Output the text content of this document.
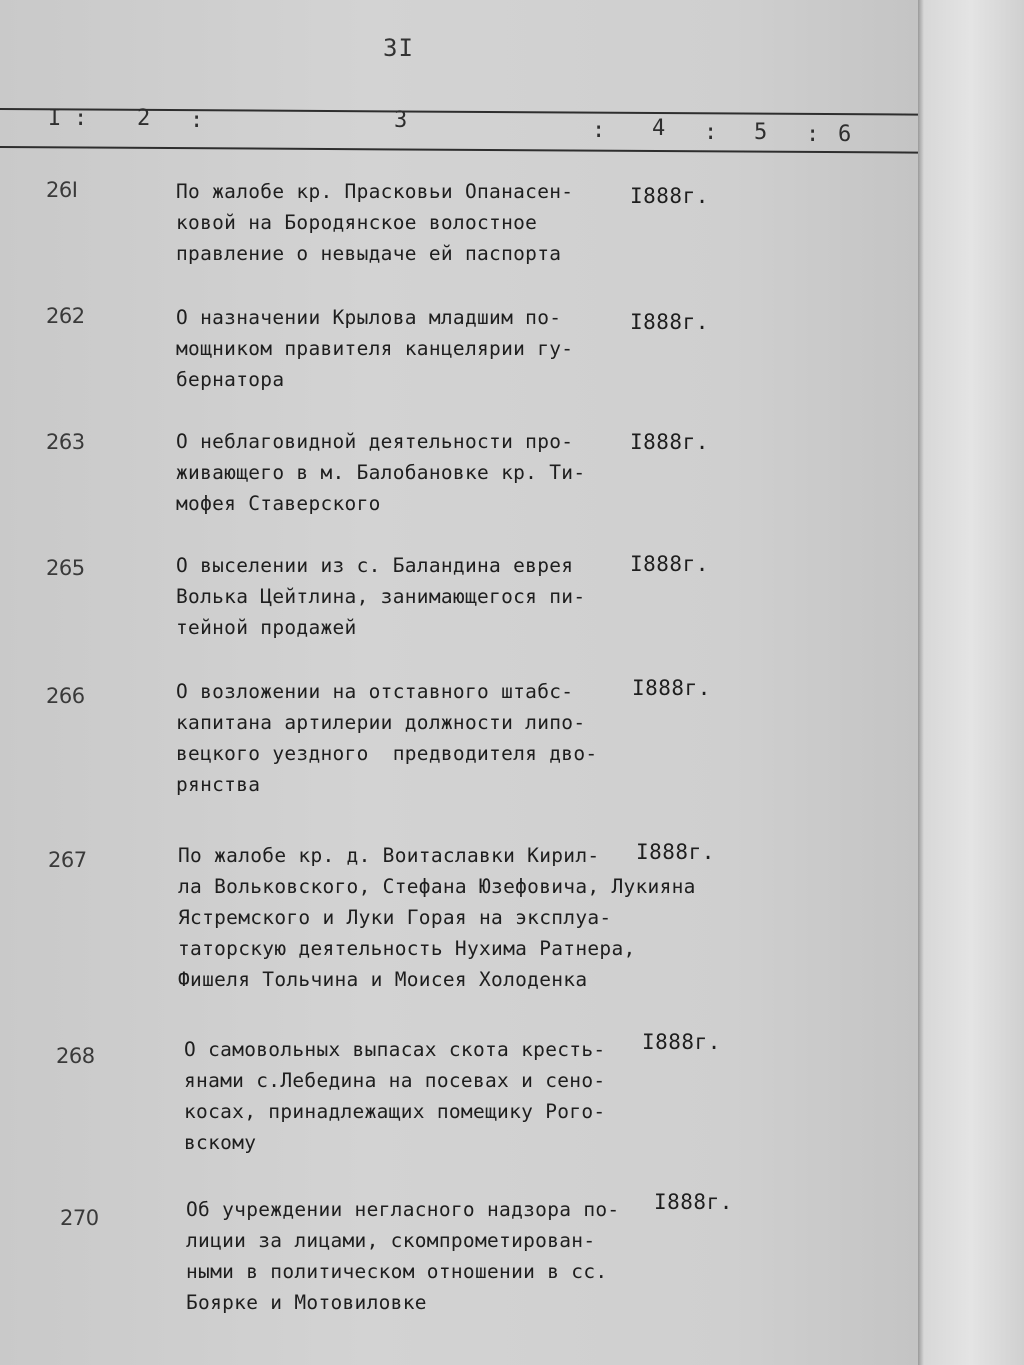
3I
I : 2 :	3	: 4 : 5 : 6
26I	По жалобе кр. Прасковьи Опанасен-
ковой на Бородянское волостное
правление о невыдаче ей паспорта
I888г.
262	О назначении Крылова младшим по-
мощником правителя канцелярии гу-
бернатора
I888г.
263	О неблаговидной деятельности про-
живающего в м. Балобановке кр. Ти-
мофея Ставерского
I888г.
265	О выселении из с. Баландина еврея
Волька Цейтлина, занимающегося пи-
тейной продажей
I888г.
266	О возложении на отставного штабс-
капитана артилерии должности липо-
вецкого уездного  предводителя дво-
рянства
I888г.
267	По жалобе кр. д. Воитаславки Кирил-
ла Вольковского, Стефана Юзефовича, Лукияна
Ястремского и Луки Горая на эксплуа-
таторскую деятельность Нухима Ратнера,
Фишеля Тольчина и Моисея Холоденка
I888г.
268	О самовольных выпасах скота кресть-
янами с.Лебедина на посевах и сено-
косах, принадлежащих помещику Рого-
вскому
I888г.
270	Об учреждении негласного надзора по-
лиции за лицами, скомпрометирован-
ными в политическом отношении в сс.
Боярке и Мотовиловке
I888г.
